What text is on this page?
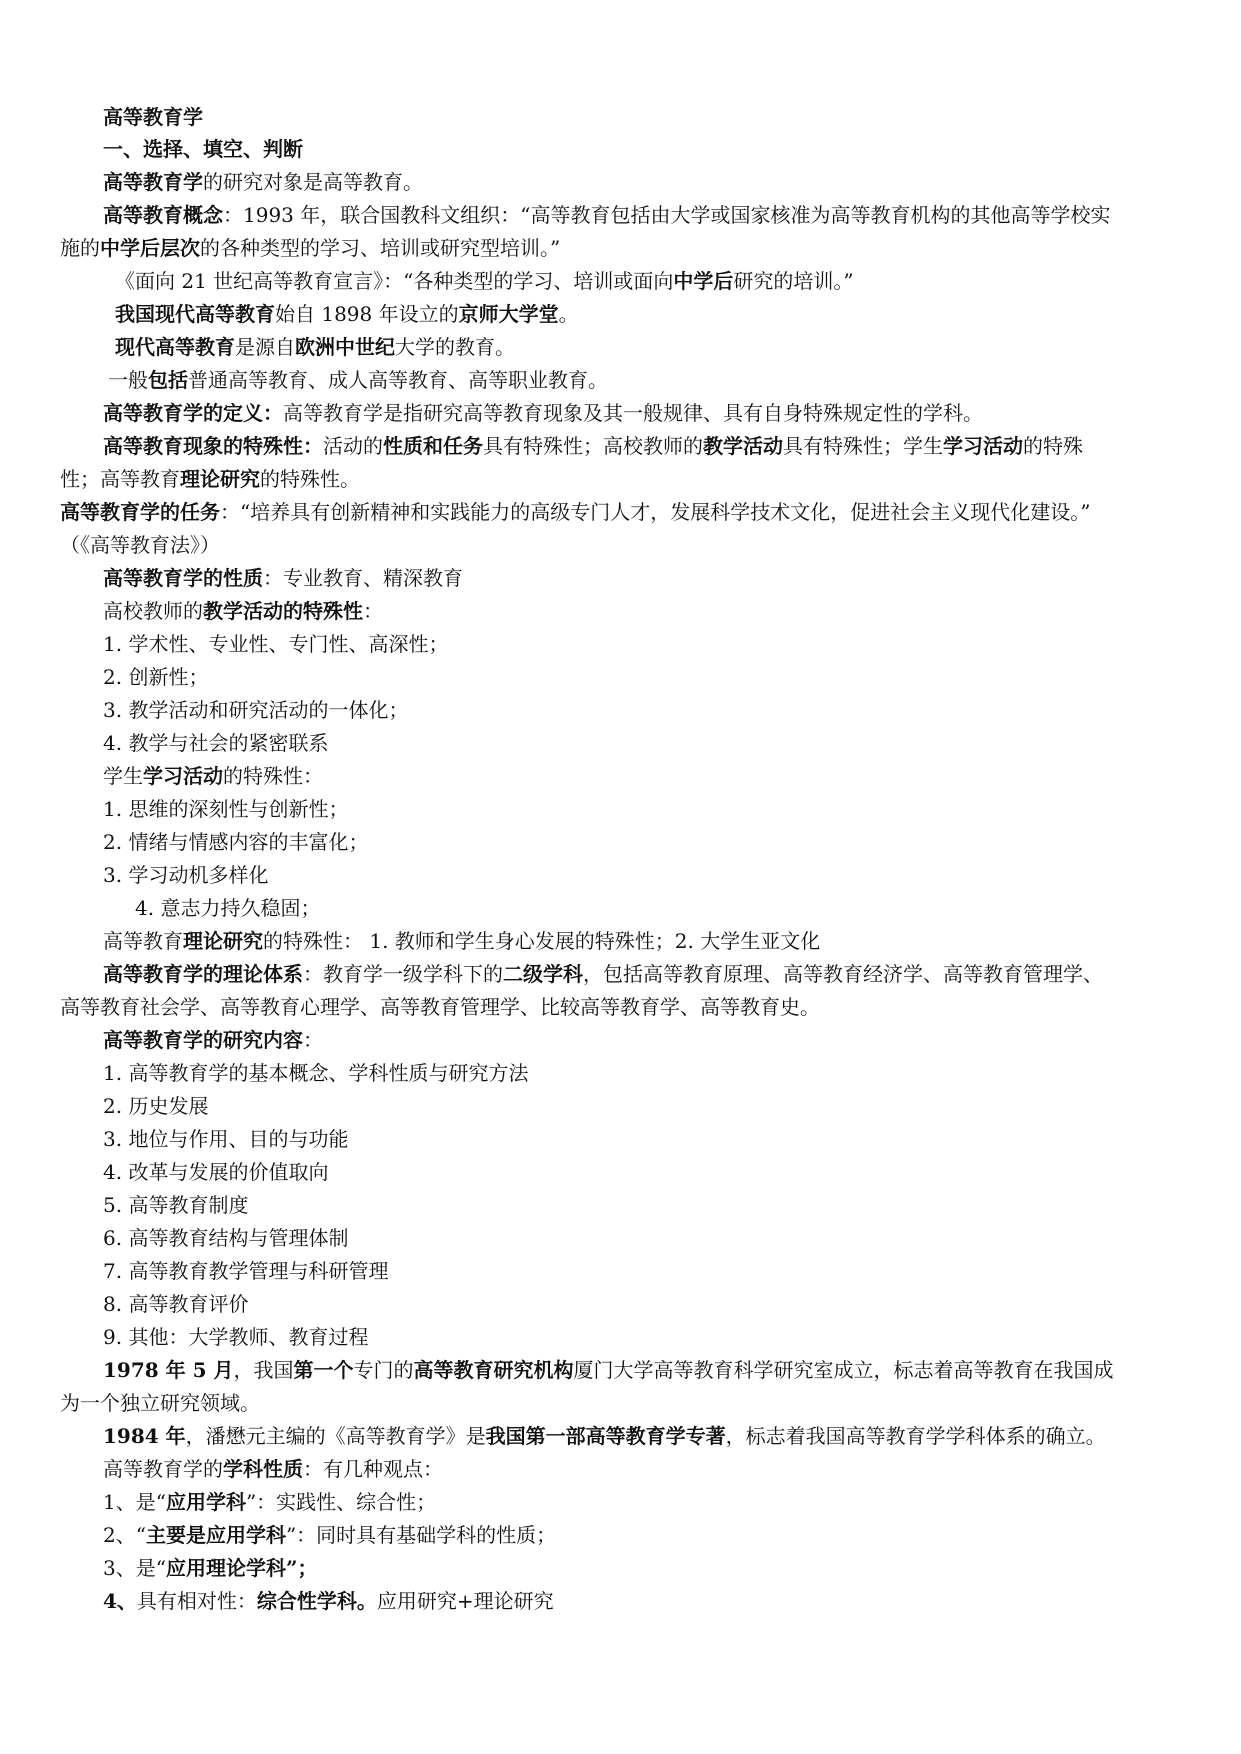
高等教育学
一、选择、填空、判断
高等教育学的研究对象是高等教育。
高等教育概念：1993 年，联合国教科文组织：“高等教育包括由大学或国家核准为高等教育机构的其他高等学校实
施的中学后层次的各种类型的学习、培训或研究型培训。”
《面向 21 世纪高等教育宣言》：“各种类型的学习、培训或面向中学后研究的培训。”
我国现代高等教育始自 1898 年设立的京师大学堂。
现代高等教育是源自欧洲中世纪大学的教育。
一般包括普通高等教育、成人高等教育、高等职业教育。
高等教育学的定义：高等教育学是指研究高等教育现象及其一般规律、具有自身特殊规定性的学科。
高等教育现象的特殊性：活动的性质和任务具有特殊性；高校教师的教学活动具有特殊性；学生学习活动的特殊
性；高等教育理论研究的特殊性。
高等教育学的任务：“培养具有创新精神和实践能力的高级专门人才，发展科学技术文化，促进社会主义现代化建设。”
（《高等教育法》）
高等教育学的性质：专业教育、精深教育
高校教师的教学活动的特殊性：
1. 学术性、专业性、专门性、高深性；
2. 创新性；
3. 教学活动和研究活动的一体化；
4. 教学与社会的紧密联系
学生学习活动的特殊性：
1. 思维的深刻性与创新性；
2. 情绪与情感内容的丰富化；
3. 学习动机多样化
4. 意志力持久稳固；
高等教育理论研究的特殊性： 1. 教师和学生身心发展的特殊性；2. 大学生亚文化
高等教育学的理论体系：教育学一级学科下的二级学科，包括高等教育原理、高等教育经济学、高等教育管理学、
高等教育社会学、高等教育心理学、高等教育管理学、比较高等教育学、高等教育史。
高等教育学的研究内容：
1. 高等教育学的基本概念、学科性质与研究方法
2. 历史发展
3. 地位与作用、目的与功能
4. 改革与发展的价值取向
5. 高等教育制度
6. 高等教育结构与管理体制
7. 高等教育教学管理与科研管理
8. 高等教育评价
9. 其他：大学教师、教育过程
1978 年 5 月，我国第一个专门的高等教育研究机构厦门大学高等教育科学研究室成立，标志着高等教育在我国成
为一个独立研究领域。
1984 年，潘懋元主编的《高等教育学》是我国第一部高等教育学专著，标志着我国高等教育学学科体系的确立。
高等教育学的学科性质：有几种观点：
1、是“应用学科”：实践性、综合性；
2、“主要是应用学科”：同时具有基础学科的性质；
3、是“应用理论学科”；
4、具有相对性：综合性学科。应用研究+理论研究
